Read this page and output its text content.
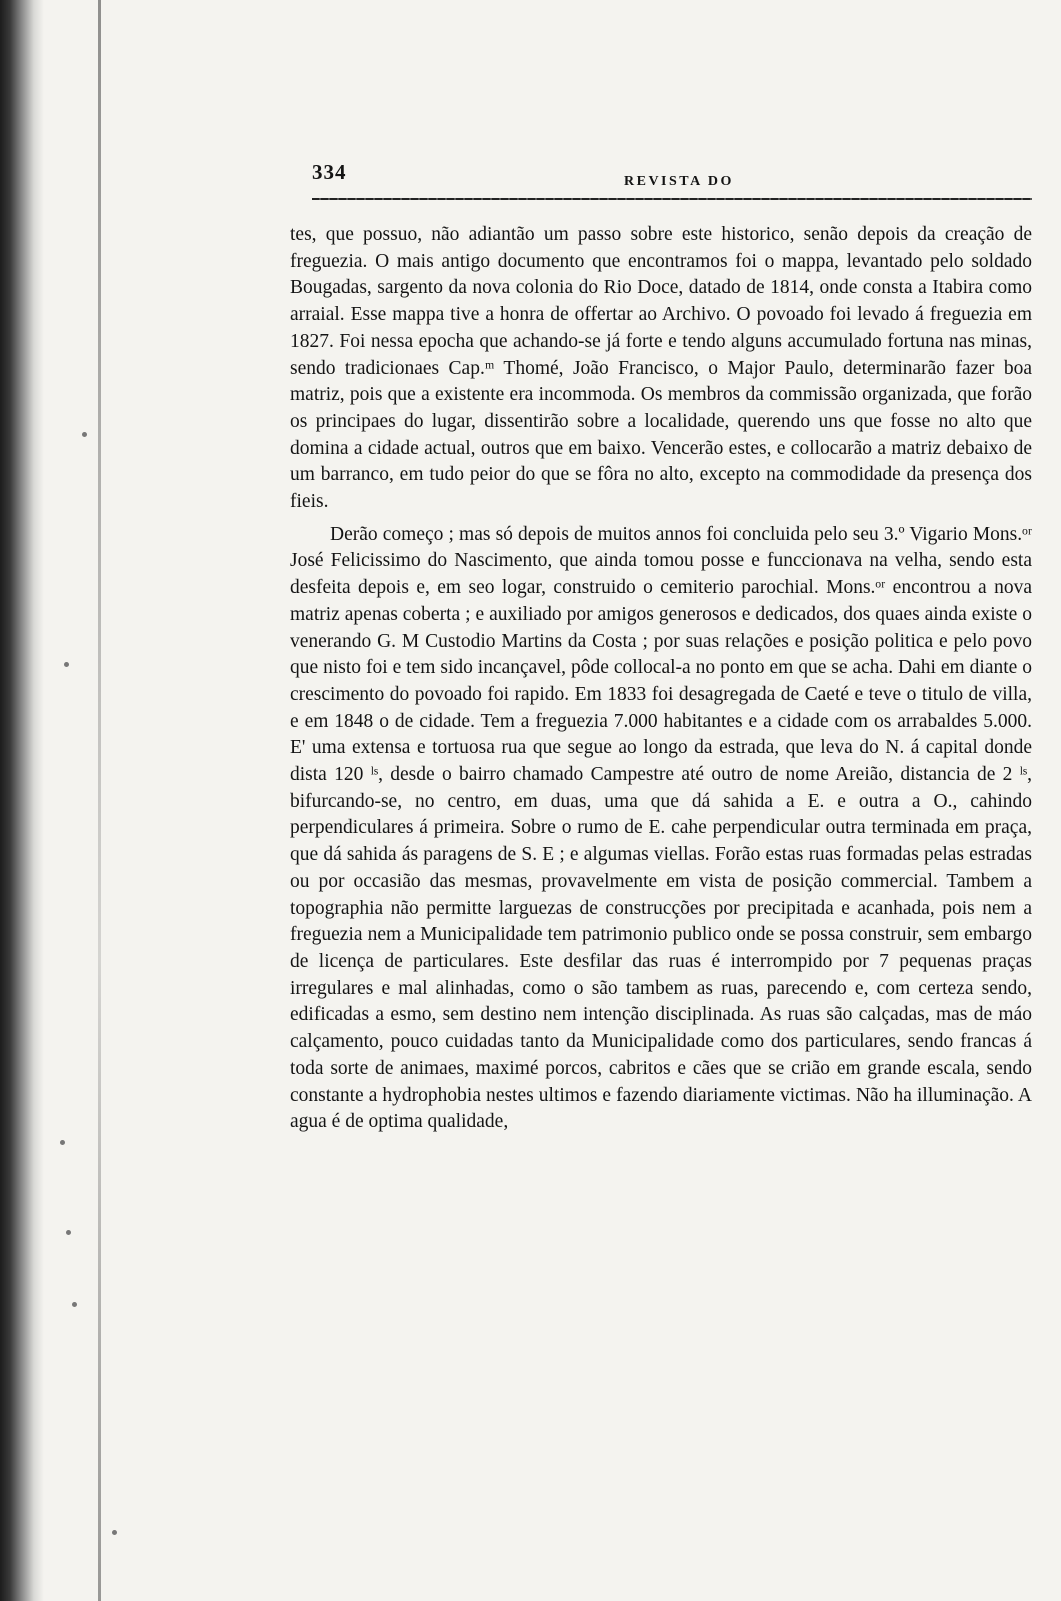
334	REVISTA DO

tes, que possuo, não adiantão um passo sobre este historico, senão depois da creação de freguezia. O mais antigo documento que encontramos foi o mappa, levantado pelo soldado Bougadas, sargento da nova colonia do Rio Doce, datado de 1814, onde consta a Itabira como arraial. Esse mappa tive a honra de offertar ao Archivo. O povoado foi levado á freguezia em 1827. Foi nessa epocha que achando-se já forte e tendo alguns accumulado fortuna nas minas, sendo tradicionaes Cap.ᵐ Thomé, João Francisco, o Major Paulo, determinarão fazer boa matriz, pois que a existente era incommoda. Os membros da commissão organizada, que forão os principaes do lugar, dissentirão sobre a localidade, querendo uns que fosse no alto que domina a cidade actual, outros que em baixo. Vencerão estes, e collocarão a matriz debaixo de um barranco, em tudo peior do que se fôra no alto, excepto na commodidade da presença dos fieis.

Derão começo ; mas só depois de muitos annos foi concluida pelo seu 3.º Vigario Mons.ᵒʳ José Felicissimo do Nascimento, que ainda tomou posse e funccionava na velha, sendo esta desfeita depois e, em seo logar, construido o cemiterio parochial. Mons.ᵒʳ encontrou a nova matriz apenas coberta ; e auxiliado por amigos generosos e dedicados, dos quaes ainda existe o venerando G. M Custodio Martins da Costa ; por suas relações e posição politica e pelo povo que nisto foi e tem sido incançavel, pôde collocal-a no ponto em que se acha. Dahi em diante o crescimento do povoado foi rapido. Em 1833 foi desagregada de Caeté e teve o titulo de villa, e em 1848 o de cidade. Tem a freguezia 7.000 habitantes e a cidade com os arrabaldes 5.000. E' uma extensa e tortuosa rua que segue ao longo da estrada, que leva do N. á capital donde dista 120 ˡˢ, desde o bairro chamado Campestre até outro de nome Areião, distancia de 2 ˡˢ, bifurcando-se, no centro, em duas, uma que dá sahida a E. e outra a O., cahindo perpendiculares á primeira. Sobre o rumo de E. cahe perpendicular outra terminada em praça, que dá sahida ás paragens de S. E ; e algumas viellas. Forão estas ruas formadas pelas estradas ou por occasião das mesmas, provavelmente em vista de posição commercial. Tambem a topographia não permitte larguezas de construcções por precipitada e acanhada, pois nem a freguezia nem a Municipalidade tem patrimonio publico onde se possa construir, sem embargo de licença de particulares. Este desfilar das ruas é interrompido por 7 pequenas praças irregulares e mal alinhadas, como o são tambem as ruas, parecendo e, com certeza sendo, edificadas a esmo, sem destino nem intenção disciplinada. As ruas são calçadas, mas de máo calçamento, pouco cuidadas tanto da Municipalidade como dos particulares, sendo francas á toda sorte de animaes, maximé porcos, cabritos e cães que se crião em grande escala, sendo constante a hydrophobia nestes ultimos e fazendo diariamente victimas. Não ha illuminação. A agua é de optima qualidade,
